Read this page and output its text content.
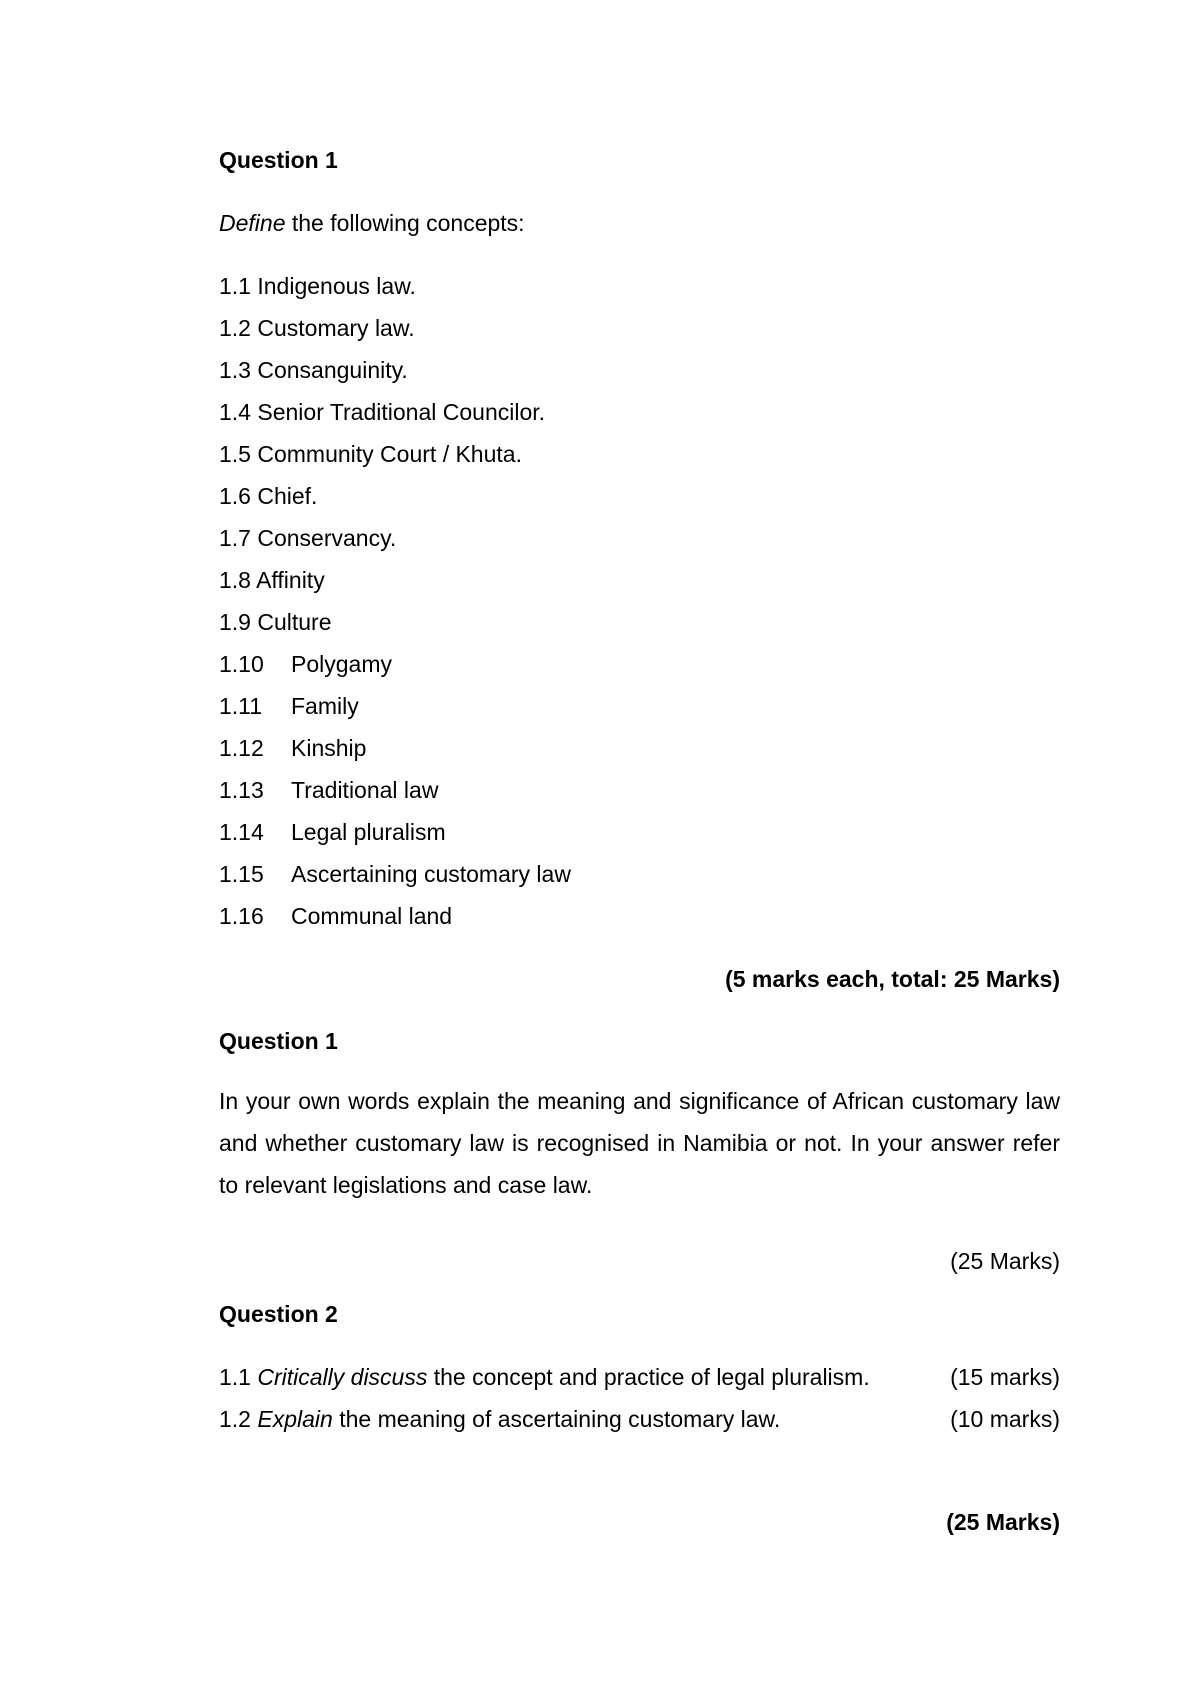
Question 1
Define the following concepts:
1.1 Indigenous law.
1.2 Customary law.
1.3 Consanguinity.
1.4 Senior Traditional Councilor.
1.5 Community Court / Khuta.
1.6 Chief.
1.7 Conservancy.
1.8 Affinity
1.9 Culture
1.10 Polygamy
1.11 Family
1.12 Kinship
1.13 Traditional law
1.14 Legal pluralism
1.15 Ascertaining customary law
1.16 Communal land
(5 marks each, total: 25 Marks)
Question 1
In your own words explain the meaning and significance of African customary law and whether customary law is recognised in Namibia or not. In your answer refer to relevant legislations and case law.
(25 Marks)
Question 2
1.1 Critically discuss the concept and practice of legal pluralism.	(15 marks)
1.2 Explain the meaning of ascertaining customary law.	(10 marks)
(25 Marks)
